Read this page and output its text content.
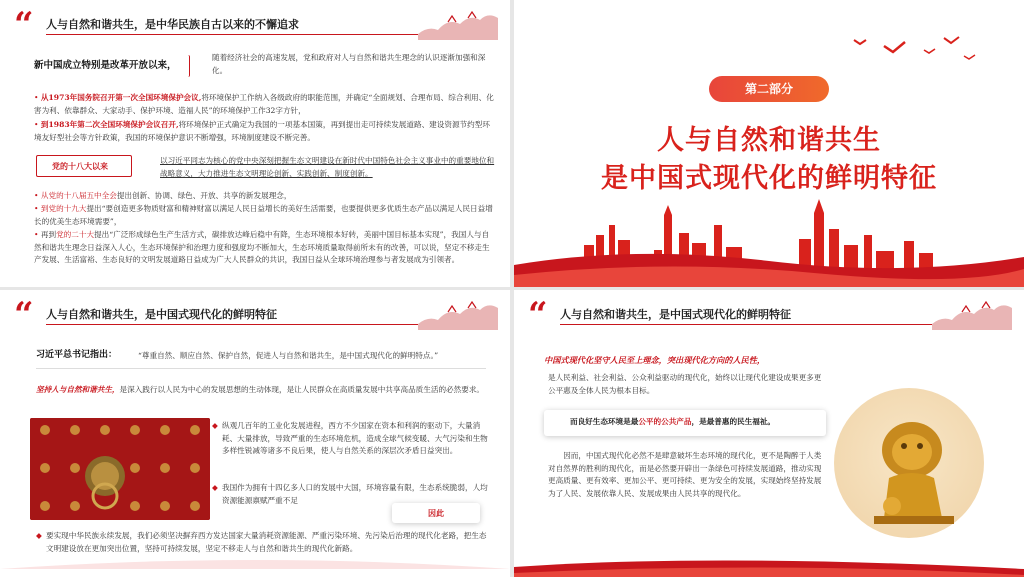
“ 人与自然和谐共生，是中华民族自古以来的不懈追求
新中国成立特别是改革开放以来，
随着经济社会的高速发展，党和政府对人与自然和谐共生理念的认识逐渐加强和深化。
• 从1973年国务院召开第一次全国环境保护会议,将环境保护工作纳入各级政府的职能范围，并确定“全面规划、合理布局、综合利用、化害为利、依靠群众、大家动手、保护环境、造福人民”的环境保护工作32字方针，
• 到1983年第二次全国环境保护会议召开,将环境保护正式确定为我国的一项基本国策，再到提出走可持续发展道路、建设资源节约型环境友好型社会等方针政策，我国的环境保护意识不断增强，环境制度建设不断完善。
党的十八大以来
以习近平同志为核心的党中央深刻把握生态文明建设在新时代中国特色社会主义事业中的重要地位和战略意义，大力推进生态文明理论创新、实践创新、制度创新。
• 从党的十八届五中全会提出创新、协调、绿色、开放、共享的新发展理念，
• 到党的十九大提出“要创造更多物质财富和精神财富以满足人民日益增长的美好生活需要，也要提供更多优质生态产品以满足人民日益增长的优美生态环境需要”，
• 再到党的二十大提出“广泛形成绿色生产生活方式，碳排放达峰后稳中有降，生态环境根本好转，美丽中国目标基本实现”，我国人与自然和谐共生理念日益深入人心，生态环境保护和治理力度和强度均不断加大，生态环境质量取得前所未有的改善，可以说，坚定不移走生产发展、生活富裕、生态良好的文明发展道路日益成为广大人民群众的共识，我国日益从全球环境治理参与者发展成为引领者。
第二部分
人与自然和谐共生
是中国式现代化的鲜明特征
“ 人与自然和谐共生，是中国式现代化的鲜明特征
习近平总书记指出：	“尊重自然、顺应自然、保护自然，促进人与自然和谐共生，是中国式现代化的鲜明特点。”
坚持人与自然和谐共生，是深入践行以人民为中心的发展思想的生动体现，是让人民群众在高质量发展中共享高品质生活的必然要求。
◆ 纵观几百年的工业化发展进程，西方不少国家在资本和利润的驱动下，大量消耗、大量排放，导致严重的生态环境危机，造成全球气候变暖、大气污染和生物多样性锐减等诸多不良后果，使人与自然关系的深层次矛盾日益突出。
◆ 我国作为拥有十四亿多人口的发展中大国，环境容量有限，生态系统脆弱，人均资源能源禀赋严重不足
因此
◆ 要实现中华民族永续发展，我们必须坚决摒弃西方发达国家大量消耗资源能源、严重污染环境、先污染后治理的现代化老路，把生态文明建设放在更加突出位置，坚持可持续发展，坚定不移走人与自然和谐共生的现代化新路。
“ 人与自然和谐共生，是中国式现代化的鲜明特征
中国式现代化坚守人民至上理念，突出现代化方向的人民性，
是人民利益、社会利益、公众利益驱动的现代化，始终以让现代化建设成果更多更公平惠及全体人民为根本目标。
而良好生态环境是最公平的公共产品，是最普惠的民生福祉。
因而，中国式现代化必然不是肆意破坏生态环境的现代化，更不是陶醉于人类对自然界的胜利的现代化，而是必然要开辟出一条绿色可持续发展道路，推动实现更高质量、更有效率、更加公平、更可持续、更为安全的发展，实现始终坚持发展为了人民、发展依靠人民、发展成果由人民共享的现代化。
